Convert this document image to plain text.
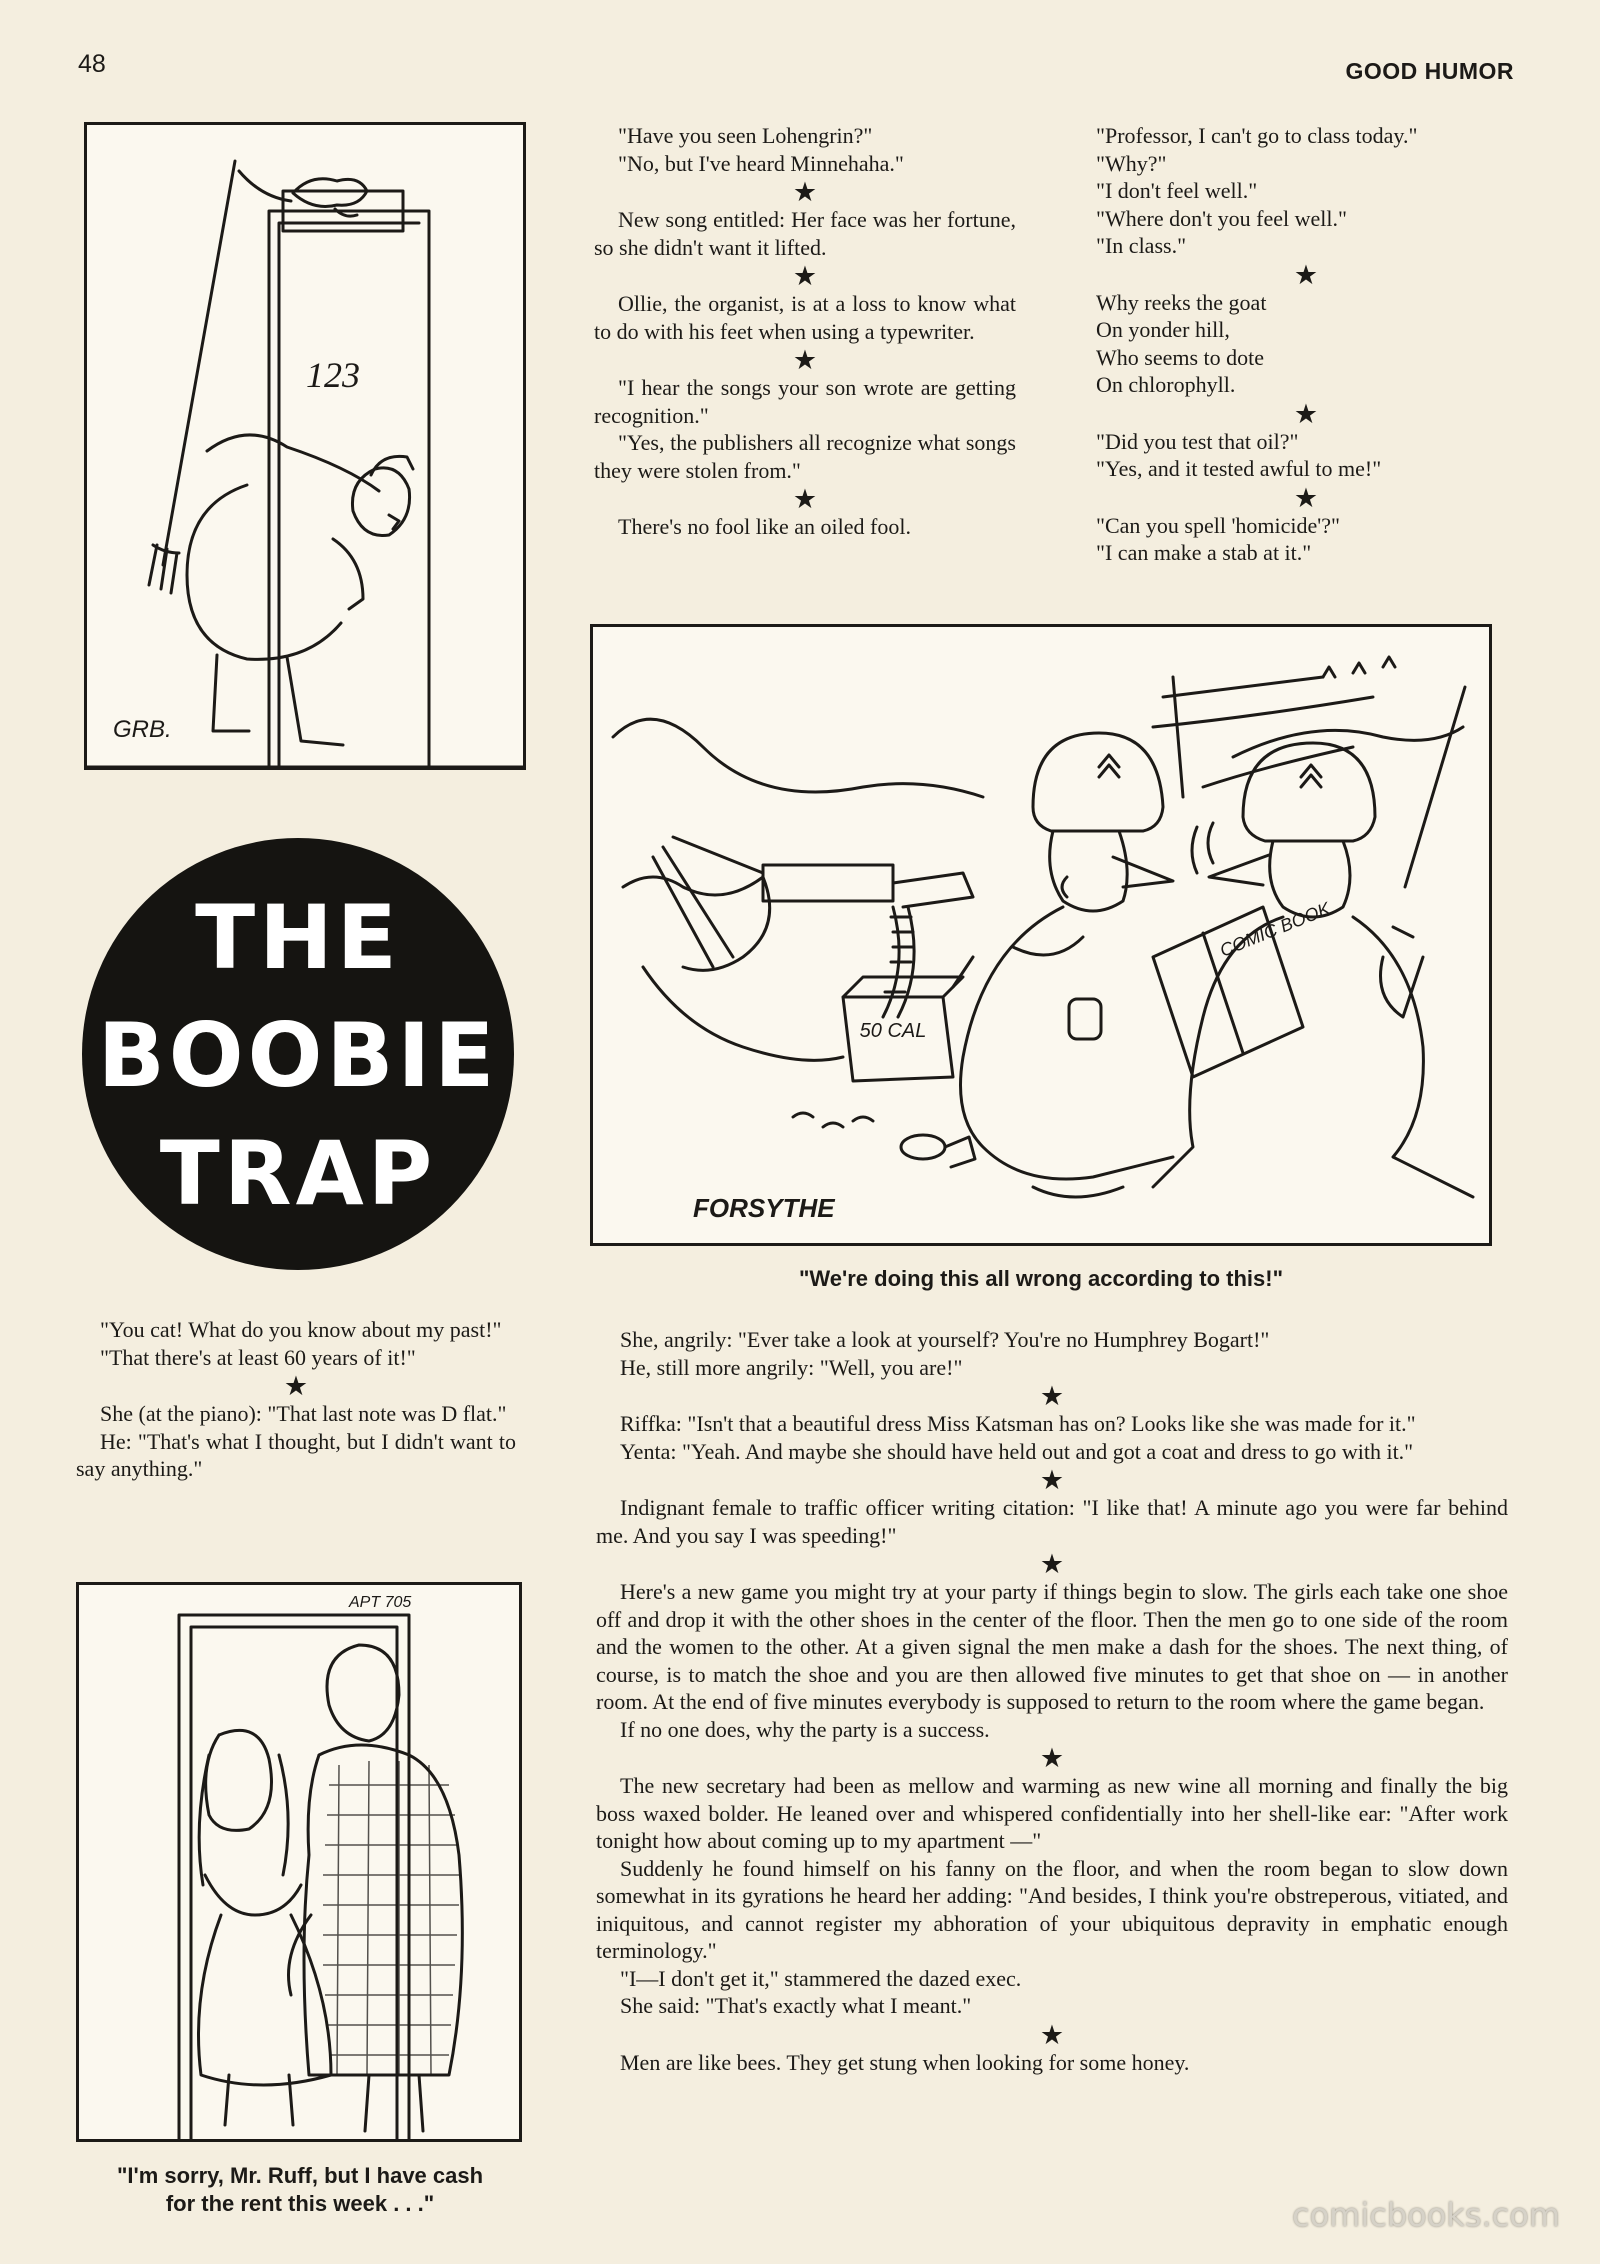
48	GOOD HUMOR
123
GRB.

"Have you seen Lohengrin?"

"No, but I've heard Minnehaha."

★

New song entitled: Her face was her fortune, so she didn't want it lifted.

★

Ollie, the organist, is at a loss to know what to do with his feet when using a typewriter.

★

"I hear the songs your son wrote are getting recognition."

"Yes, the publishers all recognize what songs they were stolen from."

★

There's no fool like an oiled fool.

"Professor, I can't go to class today."

"Why?"

"I don't feel well."

"Where don't you feel well."

"In class."

★

Why reeks the goat

On yonder hill,

Who seems to dote

On chlorophyll.

★

"Did you test that oil?"

"Yes, and it tested awful to me!"

★

"Can you spell 'homicide'?"

"I can make a stab at it."

50 CAL
COMIC BOOK
FORSYTHE
"We're doing this all wrong according to this!"
THE
BOOBIE
TRAP

"You cat! What do you know about my past!"

"That there's at least 60 years of it!"

★

She (at the piano): "That last note was D flat."

He: "That's what I thought, but I didn't want to say anything."

APT 705
"I'm sorry, Mr. Ruff, but I have cash
for the rent this week . . ."

She, angrily: "Ever take a look at yourself? You're no Humphrey Bogart!"

He, still more angrily: "Well, you are!"

★

Riffka: "Isn't that a beautiful dress Miss Katsman has on? Looks like she was made for it."

Yenta: "Yeah. And maybe she should have held out and got a coat and dress to go with it."

★

Indignant female to traffic officer writing citation: "I like that! A minute ago you were far behind me. And you say I was speeding!"

★

Here's a new game you might try at your party if things begin to slow. The girls each take one shoe off and drop it with the other shoes in the center of the floor. Then the men go to one side of the room and the women to the other. At a given signal the men make a dash for the shoes. The next thing, of course, is to match the shoe and you are then allowed five minutes to get that shoe on — in another room. At the end of five minutes everybody is supposed to return to the room where the game began.

If no one does, why the party is a success.

★

The new secretary had been as mellow and warming as new wine all morning and finally the big boss waxed bolder. He leaned over and whispered confidentially into her shell-like ear: "After work tonight how about coming up to my apartment —"

Suddenly he found himself on his fanny on the floor, and when the room began to slow down somewhat in its gyrations he heard her adding: "And besides, I think you're obstreperous, vitiated, and iniquitous, and cannot register my abhoration of your ubiquitous depravity in emphatic enough terminology."

"I—I don't get it," stammered the dazed exec.

She said: "That's exactly what I meant."

★

Men are like bees. They get stung when looking for some honey.

comicbooks.com
